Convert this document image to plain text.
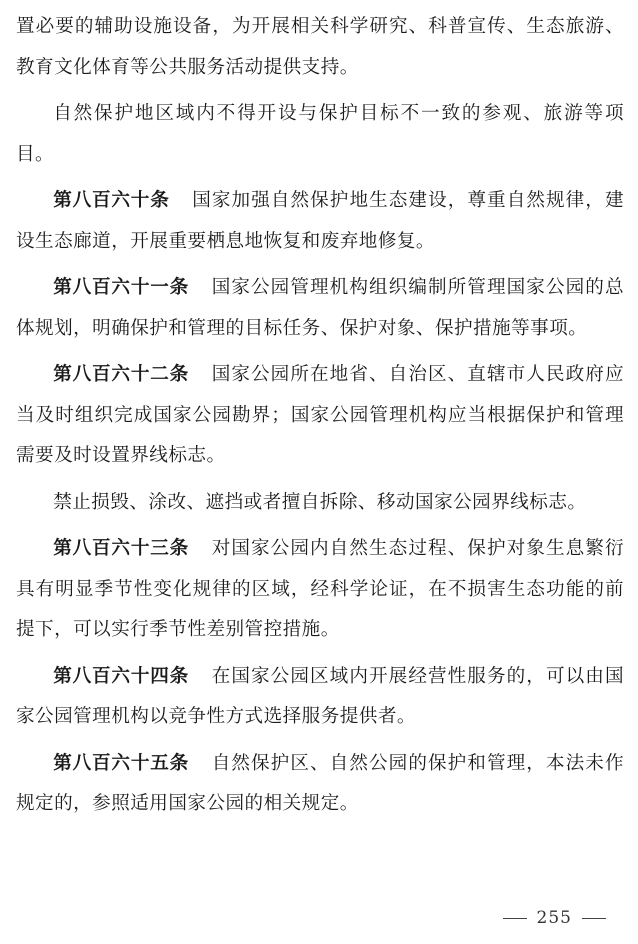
置必要的辅助设施设备，为开展相关科学研究、科普宣传、生态旅游、教育文化体育等公共服务活动提供支持。

自然保护地区域内不得开设与保护目标不一致的参观、旅游等项目。

第八百六十条 国家加强自然保护地生态建设，尊重自然规律，建设生态廊道，开展重要栖息地恢复和废弃地修复。

第八百六十一条 国家公园管理机构组织编制所管理国家公园的总体规划，明确保护和管理的目标任务、保护对象、保护措施等事项。

第八百六十二条 国家公园所在地省、自治区、直辖市人民政府应当及时组织完成国家公园勘界；国家公园管理机构应当根据保护和管理需要及时设置界线标志。

禁止损毁、涂改、遮挡或者擅自拆除、移动国家公园界线标志。

第八百六十三条 对国家公园内自然生态过程、保护对象生息繁衍具有明显季节性变化规律的区域，经科学论证，在不损害生态功能的前提下，可以实行季节性差别管控措施。

第八百六十四条 在国家公园区域内开展经营性服务的，可以由国家公园管理机构以竞争性方式选择服务提供者。

第八百六十五条 自然保护区、自然公园的保护和管理，本法未作规定的，参照适用国家公园的相关规定。

255
